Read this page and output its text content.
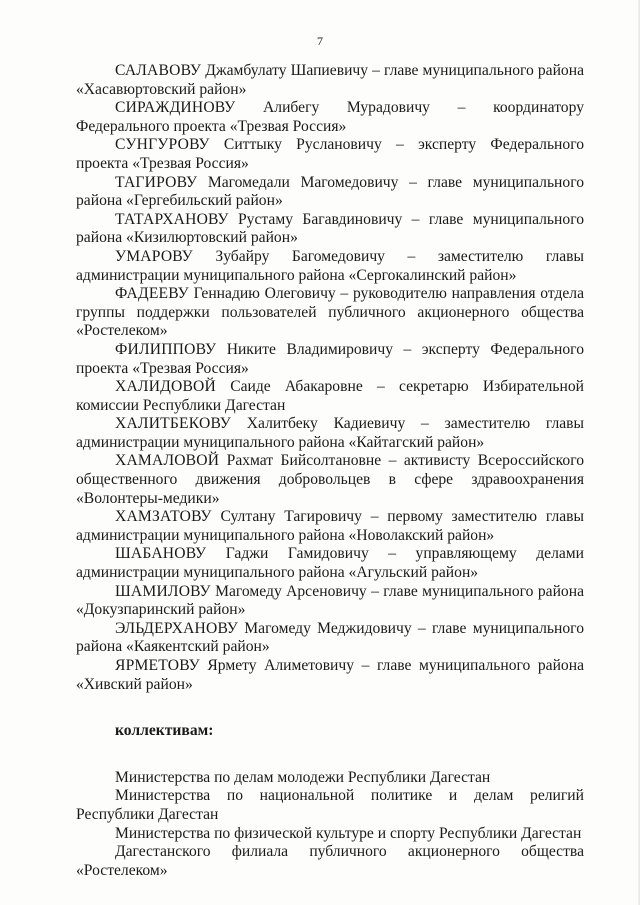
7

САЛАВОВУ Джамбулату Шапиевичу – главе муниципального района «Хасавюртовский район»

СИРАЖДИНОВУ Алибегу Мурадовичу – координатору Федерального проекта «Трезвая Россия»

СУНГУРОВУ Ситтыку Руслановичу – эксперту Федерального проекта «Трезвая Россия»

ТАГИРОВУ Магомедали Магомедовичу – главе муниципального района «Гергебильский район»

ТАТАРХАНОВУ Рустаму Багавдиновичу – главе муниципального района «Кизилюртовский район»

УМАРОВУ Зубайру Багомедовичу – заместителю главы администрации муниципального района «Сергокалинский район»

ФАДЕЕВУ Геннадию Олеговичу – руководителю направления отдела группы поддержки пользователей публичного акционерного общества «Ростелеком»

ФИЛИППОВУ Никите Владимировичу – эксперту Федерального проекта «Трезвая Россия»

ХАЛИДОВОЙ Саиде Абакаровне – секретарю Избирательной комиссии Республики Дагестан

ХАЛИТБЕКОВУ Халитбеку Кадиевичу – заместителю главы администрации муниципального района «Кайтагский район»

ХАМАЛОВОЙ Рахмат Бийсолтановне – активисту Всероссийского общественного движения добровольцев в сфере здравоохранения «Волонтеры-медики»

ХАМЗАТОВУ Султану Тагировичу – первому заместителю главы администрации муниципального района «Новолакский район»

ШАБАНОВУ Гаджи Гамидовичу – управляющему делами администрации муниципального района «Агульский район»

ШАМИЛОВУ Магомеду Арсеновичу – главе муниципального района «Докузпаринский район»

ЭЛЬДЕРХАНОВУ Магомеду Меджидовичу – главе муниципального района «Каякентский район»

ЯРМЕТОВУ Ярмету Алиметовичу – главе муниципального района «Хивский район»

коллективам:

Министерства по делам молодежи Республики Дагестан

Министерства по национальной политике и делам религий Республики Дагестан

Министерства по физической культуре и спорту Республики Дагестан

Дагестанского филиала публичного акционерного общества «Ростелеком»
